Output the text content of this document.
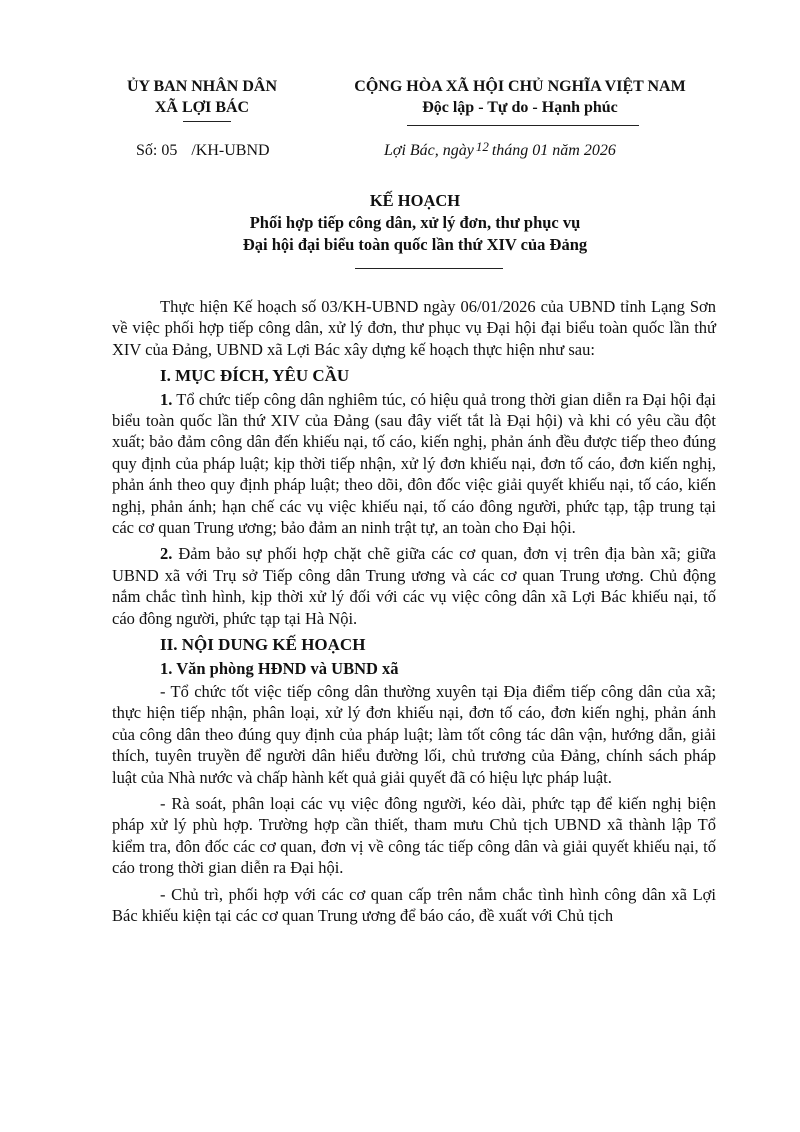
ỦY BAN NHÂN DÂN
XÃ LỢI BÁC
CỘNG HÒA XÃ HỘI CHỦ NGHĨA VIỆT NAM
Độc lập - Tự do - Hạnh phúc
Số: 05 /KH-UBND	Lợi Bác, ngày $^{12}$ tháng 01 năm 2026
KẾ HOẠCH
Phối hợp tiếp công dân, xử lý đơn, thư phục vụ
Đại hội đại biểu toàn quốc lần thứ XIV của Đảng

Thực hiện Kế hoạch số 03/KH-UBND ngày 06/01/2026 của UBND tỉnh Lạng Sơn về việc phối hợp tiếp công dân, xử lý đơn, thư phục vụ Đại hội đại biểu toàn quốc lần thứ XIV của Đảng, UBND xã Lợi Bác xây dựng kế hoạch thực hiện như sau:

I. MỤC ĐÍCH, YÊU CẦU

1. Tổ chức tiếp công dân nghiêm túc, có hiệu quả trong thời gian diễn ra Đại hội đại biểu toàn quốc lần thứ XIV của Đảng (sau đây viết tắt là Đại hội) và khi có yêu cầu đột xuất; bảo đảm công dân đến khiếu nại, tố cáo, kiến nghị, phản ánh đều được tiếp theo đúng quy định của pháp luật; kịp thời tiếp nhận, xử lý đơn khiếu nại, đơn tố cáo, đơn kiến nghị, phản ánh theo quy định pháp luật; theo dõi, đôn đốc việc giải quyết khiếu nại, tố cáo, kiến nghị, phản ánh; hạn chế các vụ việc khiếu nại, tố cáo đông người, phức tạp, tập trung tại các cơ quan Trung ương; bảo đảm an ninh trật tự, an toàn cho Đại hội.

2. Đảm bảo sự phối hợp chặt chẽ giữa các cơ quan, đơn vị trên địa bàn xã; giữa UBND xã với Trụ sở Tiếp công dân Trung ương và các cơ quan Trung ương. Chủ động nắm chắc tình hình, kịp thời xử lý đối với các vụ việc công dân xã Lợi Bác khiếu nại, tố cáo đông người, phức tạp tại Hà Nội.

II. NỘI DUNG KẾ HOẠCH
1. Văn phòng HĐND và UBND xã

- Tổ chức tốt việc tiếp công dân thường xuyên tại Địa điểm tiếp công dân của xã; thực hiện tiếp nhận, phân loại, xử lý đơn khiếu nại, đơn tố cáo, đơn kiến nghị, phản ánh của công dân theo đúng quy định của pháp luật; làm tốt công tác dân vận, hướng dẫn, giải thích, tuyên truyền để người dân hiểu đường lối, chủ trương của Đảng, chính sách pháp luật của Nhà nước và chấp hành kết quả giải quyết đã có hiệu lực pháp luật.

- Rà soát, phân loại các vụ việc đông người, kéo dài, phức tạp để kiến nghị biện pháp xử lý phù hợp. Trường hợp cần thiết, tham mưu Chủ tịch UBND xã thành lập Tổ kiểm tra, đôn đốc các cơ quan, đơn vị về công tác tiếp công dân và giải quyết khiếu nại, tố cáo trong thời gian diễn ra Đại hội.

- Chủ trì, phối hợp với các cơ quan cấp trên nắm chắc tình hình công dân xã Lợi Bác khiếu kiện tại các cơ quan Trung ương để báo cáo, đề xuất với Chủ tịch
